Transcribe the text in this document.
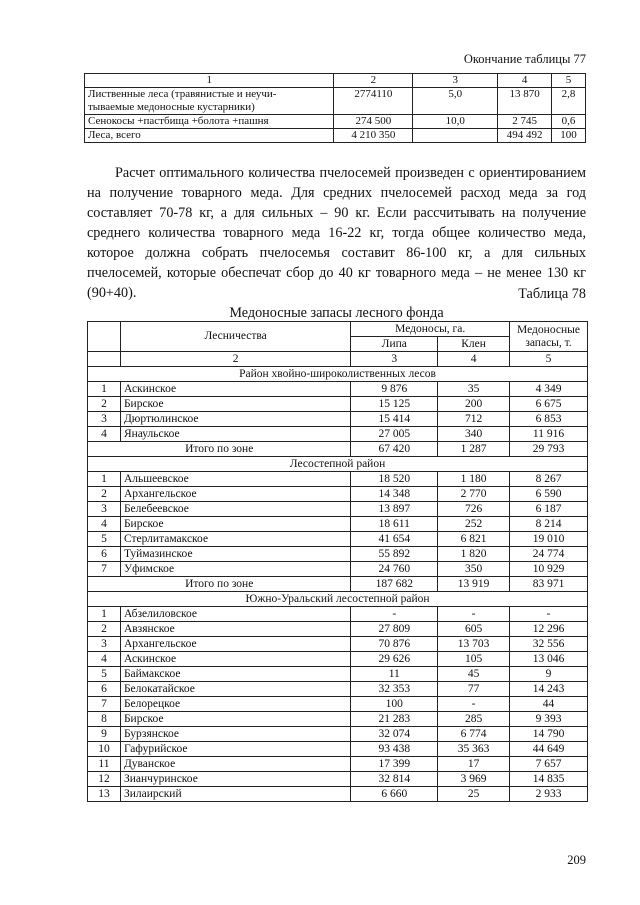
Окончание таблицы 77
1	2	3	4	5
Лиственные леса (травянистые и неучи-
тываемые медоносные кустарники)	2774110	5,0	13 870	2,8
Сенокосы +пастбища +болота +пашня	274 500	10,0	2 745	0,6
Леса, всего	4 210 350		494 492	100

Расчет оптимального количества пчелосемей произведен с ориентированием на получение товарного меда. Для средних пчелосемей расход меда за год составляет 70-78 кг, а для сильных – 90 кг. Если рассчитывать на получение среднего количества товарного меда 16-22 кг, тогда общее количество меда, которое должна собрать пчелосемья составит 86-100 кг, а для сильных пчелосемей, которые обеспечат сбор до 40 кг товарного меда – не менее 130 кг (90+40).	Таблица 78
Медоносные запасы лесного фонда
	Лесничества	Медоносы, га.		Медоносные
запасы, т.
		Липа	Клен	
	2	3	4	5
Район хвойно-широколиственных лесов				
1	Аскинское	9 876	35	4 349
2	Бирское	15 125	200	6 675
3	Дюртюлинское	15 414	712	6 853
4	Янаульское	27 005	340	11 916
Итого по зоне		67 420	1 287	29 793
Лесостепной район				
1	Альшеевское	18 520	1 180	8 267
2	Архангельское	14 348	2 770	6 590
3	Белебеевское	13 897	726	6 187
4	Бирское	18 611	252	8 214
5	Стерлитамакское	41 654	6 821	19 010
6	Туймазинское	55 892	1 820	24 774
7	Уфимское	24 760	350	10 929
Итого по зоне		187 682	13 919	83 971
Южно-Уральский лесостепной район				
1	Абзелиловское	-	-	-
2	Авзянское	27 809	605	12 296
3	Архангельское	70 876	13 703	32 556
4	Аскинское	29 626	105	13 046
5	Баймакское	11	45	9
6	Белокатайское	32 353	77	14 243
7	Белорецкое	100	-	44
8	Бирское	21 283	285	9 393
9	Бурзянское	32 074	6 774	14 790
10	Гафурийское	93 438	35 363	44 649
11	Дуванское	17 399	17	7 657
12	Зианчуринское	32 814	3 969	14 835
13	Зилаирский	6 660	25	2 933
209
